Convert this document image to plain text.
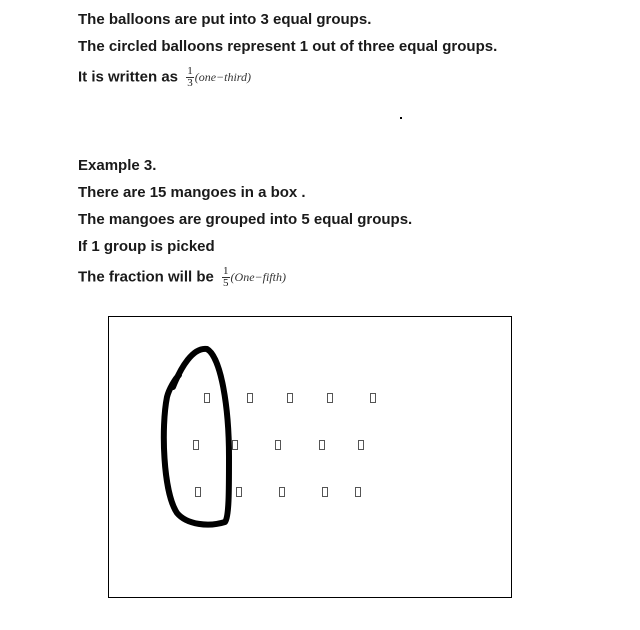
The balloons are put into 3 equal groups.
The circled balloons represent 1 out of three equal groups.
It is written as $\frac{1}{3}$ (one−third)
Example 3.
There are 15 mangoes in a box .
The mangoes are grouped into 5 equal groups.
If 1 group is picked
The fraction will be $\frac{1}{5}$ (One−fifth)
